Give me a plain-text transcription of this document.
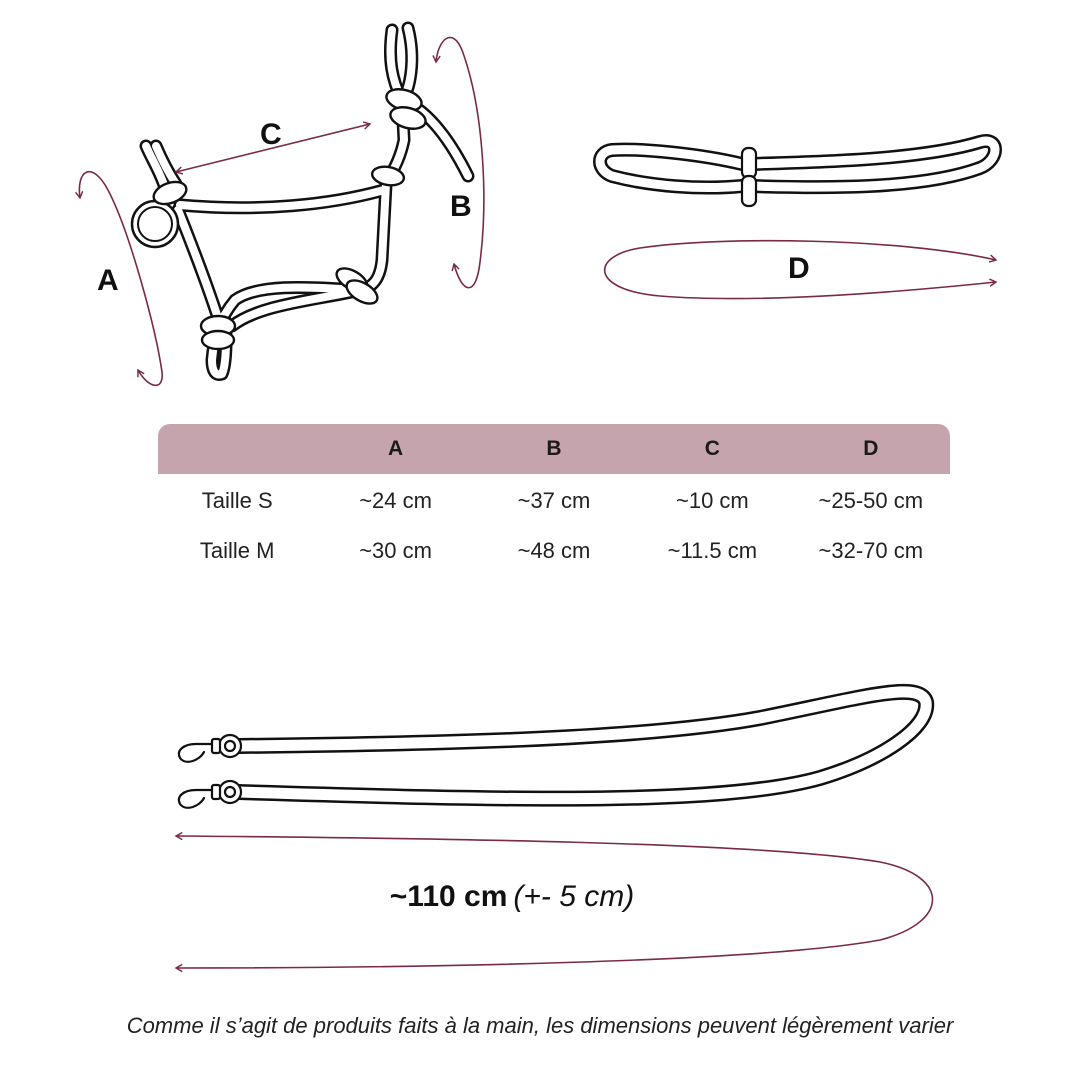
A
B
C
D
	A	B	C	D
Taille S	~24 cm	~37 cm	~10 cm	~25-50 cm
Taille M	~30 cm	~48 cm	~11.5 cm	~32-70 cm
~110 cm (+- 5 cm)
Comme il s’agit de produits faits à la main, les dimensions peuvent légèrement varier
